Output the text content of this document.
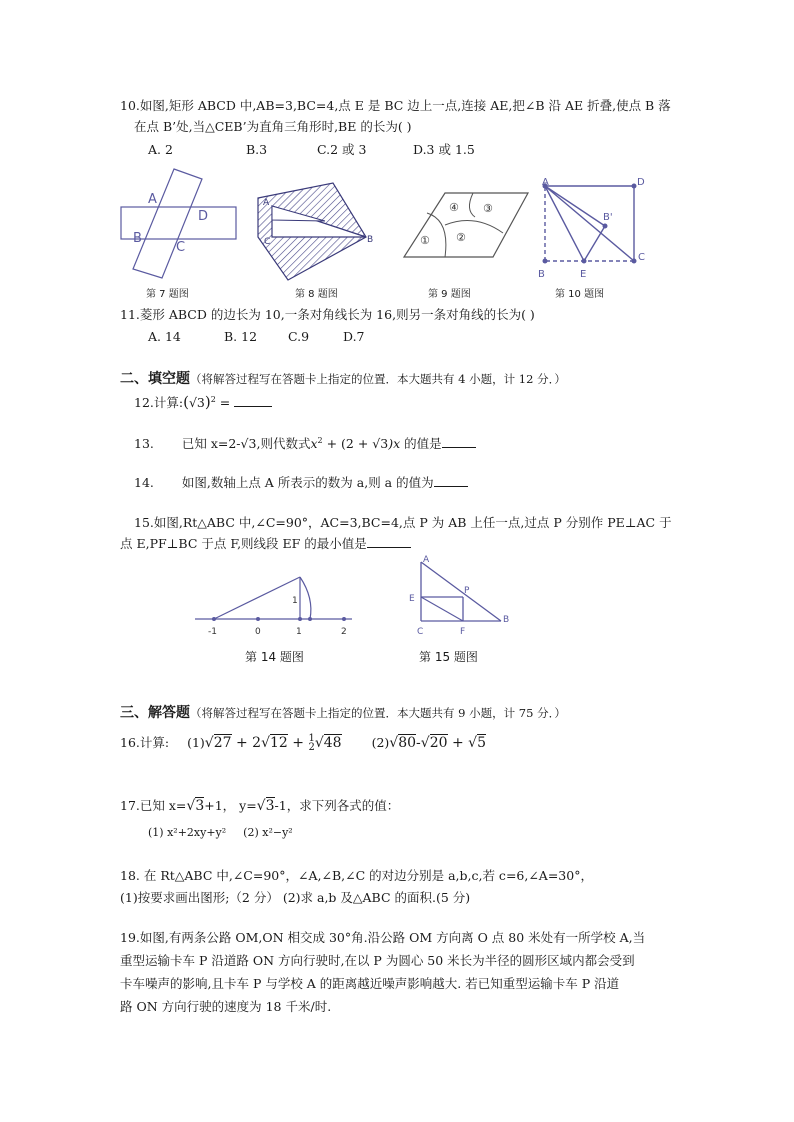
10.如图,矩形 ABCD 中,AB=3,BC=4,点 E 是 BC 边上一点,连接 AE,把∠B 沿 AE 折叠,使点 B 落
在点 B’处,当△CEB’为直角三角形时,BE 的长为( )
A. 2	B.3	C.2 或 3	D.3 或 1.5
A
D
B
C
A
C	B
④ ③
① ②
A	D
B'
B	E
C
第 7 题图	第 8 题图	第 9 题图	第 10 题图
11.菱形 ABCD 的边长为 10,一条对角线长为 16,则另一条对角线的长为( )
A. 14	B. 12 C.9	D.7
二、填空题（将解答过程写在答题卡上指定的位置．本大题共有 4 小题，计 12 分．）
12.计算$:(√3)^2$ =
13. 已知 x=2-√3,则代数式$x^2 + (2 + √3)x$ 的值是
14. 如图,数轴上点 A 所表示的数为 a,则 a 的值为
15.如图,Rt△ABC 中,∠C=90°，AC=3,BC=4,点 P 为 AB 上任一点,过点 P 分别作 PE⊥AC 于
点 E,PF⊥BC 于点 F,则线段 EF 的最小值是
-1	0	1
1
2
A
P
E
C	F
B
第 14 题图	第 15 题图
三、解答题（将解答过程写在答题卡上指定的位置．本大题共有 9 小题，计 75 分．）
16.计算: (1)√27 + 2√12 + 1
2√48 (2)√80-√20 + √5
17.已知 x=√3+1， y=√3-1，求下列各式的值：
(1) x²+2xy+y² (2) x²−y²
18. 在 Rt△ABC 中,∠C=90°，∠A,∠B,∠C 的对边分别是 a,b,c,若 c=6,∠A=30°，
(1)按要求画出图形;（2 分） (2)求 a,b 及△ABC 的面积.(5 分)
19.如图,有两条公路 OM,ON 相交成 30°角.沿公路 OM 方向离 O 点 80 米处有一所学校 A,当
重型运输卡车 P 沿道路 ON 方向行驶时,在以 P 为圆心 50 米长为半径的圆形区域内都会受到
卡车噪声的影响,且卡车 P 与学校 A 的距离越近噪声影响越大. 若已知重型运输卡车 P 沿道
路 ON 方向行驶的速度为 18 千米/时.
